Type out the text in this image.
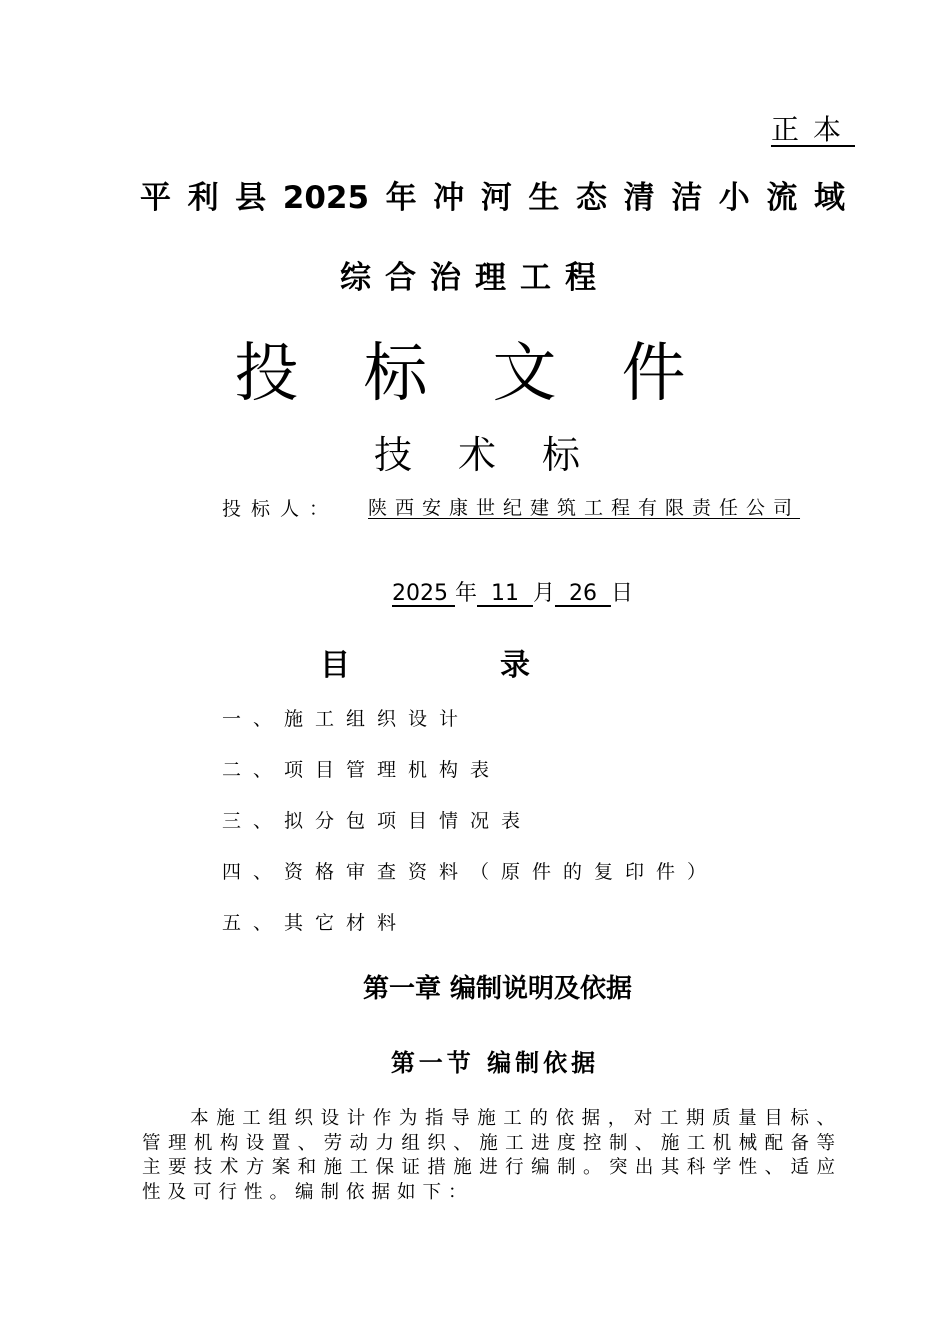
正本
平利县2025年冲河生态清洁小流域
综合治理工程
投标文件
技术标
投标人： 陕西安康世纪建筑工程有限责任公司
2025 年  11  月  26  日
目录
一、施工组织设计
二、项目管理机构表
三、拟分包项目情况表
四、资格审查资料（原件的复印件）
五、其它材料
第一章 编制说明及依据
第一节 编制依据
本施工组织设计作为指导施工的依据，对工期质量目标、管理机构设置、劳动力组织、施工进度控制、施工机械配备等主要技术方案和施工保证措施进行编制。突出其科学性、适应性及可行性。编制依据如下：
